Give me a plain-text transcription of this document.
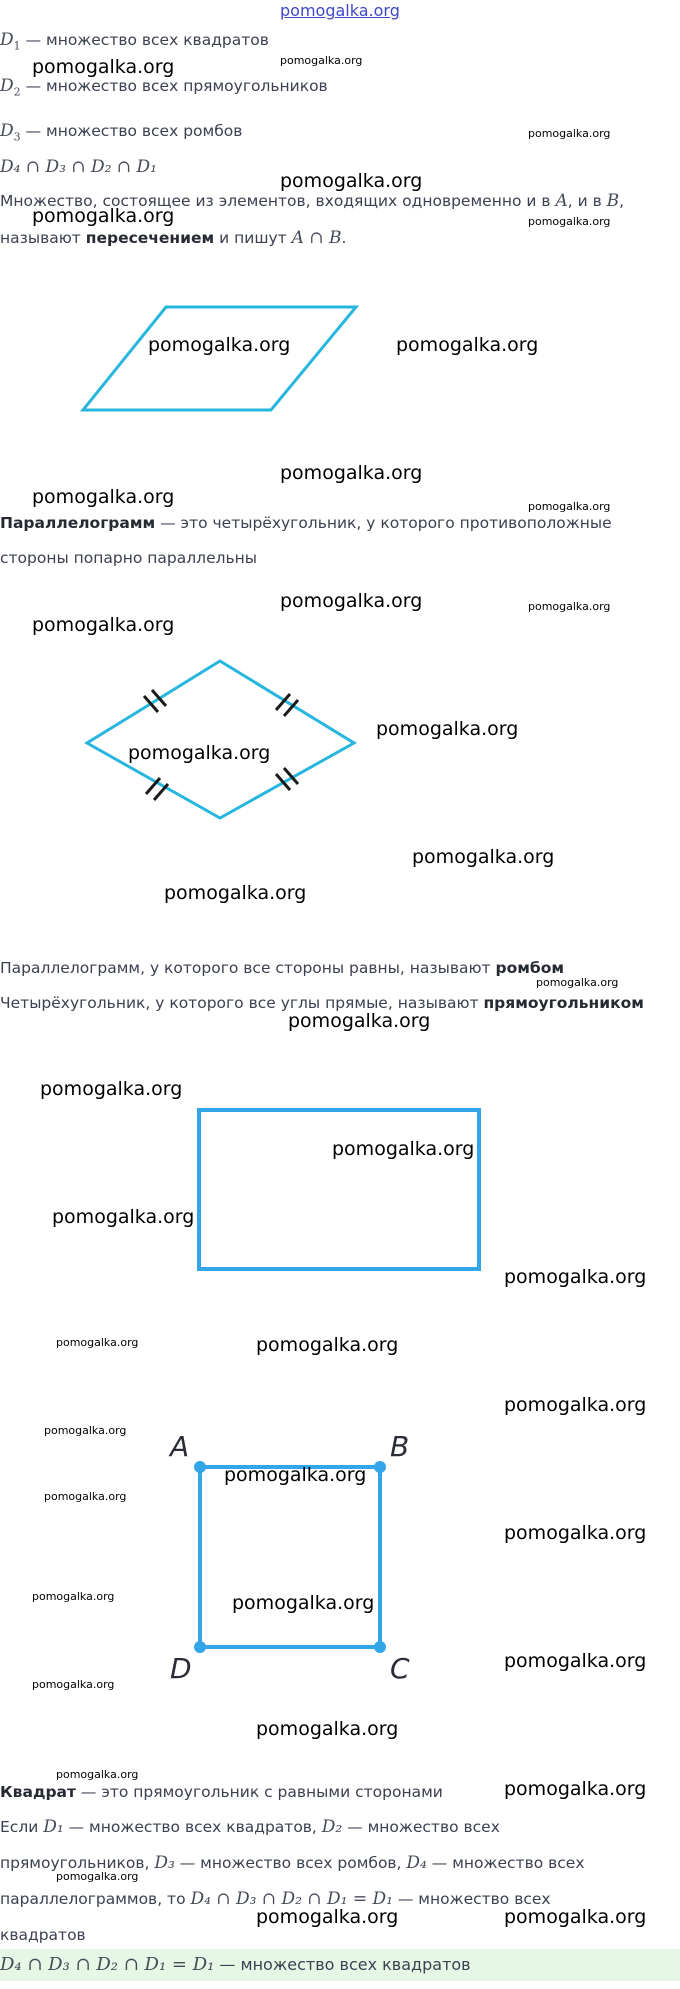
pomogalka.org
$D_1$ — множество всех квадратов
$D_2$ — множество всех прямоугольников
$D_3$ — множество всех ромбов
D₄ ∩ D₃ ∩ D₂ ∩ D₁
Множество, состоящее из элементов, входящих одновременно и в A, и в B,
называют пересечением и пишут A ∩ B.
Параллелограмм — это четырёхугольник, у которого противоположные
стороны попарно параллельны
Параллелограмм, у которого все стороны равны, называют ромбом
Четырёхугольник, у которого все углы прямые, называют прямоугольником
A	B
C
D
Квадрат — это прямоугольник с равными сторонами
Если D₁ — множество всех квадратов, D₂ — множество всех
прямоугольников, D₃ — множество всех ромбов, D₄ — множество всех
параллелограммов, то D₄ ∩ D₃ ∩ D₂ ∩ D₁ = D₁ — множество всех
квадратов
D₄ ∩ D₃ ∩ D₂ ∩ D₁ = D₁ — множество всех квадратов
pomogalka.org	pomogalka.org
pomogalka.org
pomogalka.org
pomogalka.org
pomogalka.org
pomogalka.org	pomogalka.org
pomogalka.org
pomogalka.org	pomogalka.org
pomogalka.org	pomogalka.org
pomogalka.org
pomogalka.org
pomogalka.org
pomogalka.org
pomogalka.org
pomogalka.org
pomogalka.org
pomogalka.org
pomogalka.org
pomogalka.org
pomogalka.org
pomogalka.org	pomogalka.org
pomogalka.org
pomogalka.org
pomogalka.org
pomogalka.org
pomogalka.org
pomogalka.org	pomogalka.org
pomogalka.org
pomogalka.org
pomogalka.org
pomogalka.org
pomogalka.org
pomogalka.org
pomogalka.org	pomogalka.org
